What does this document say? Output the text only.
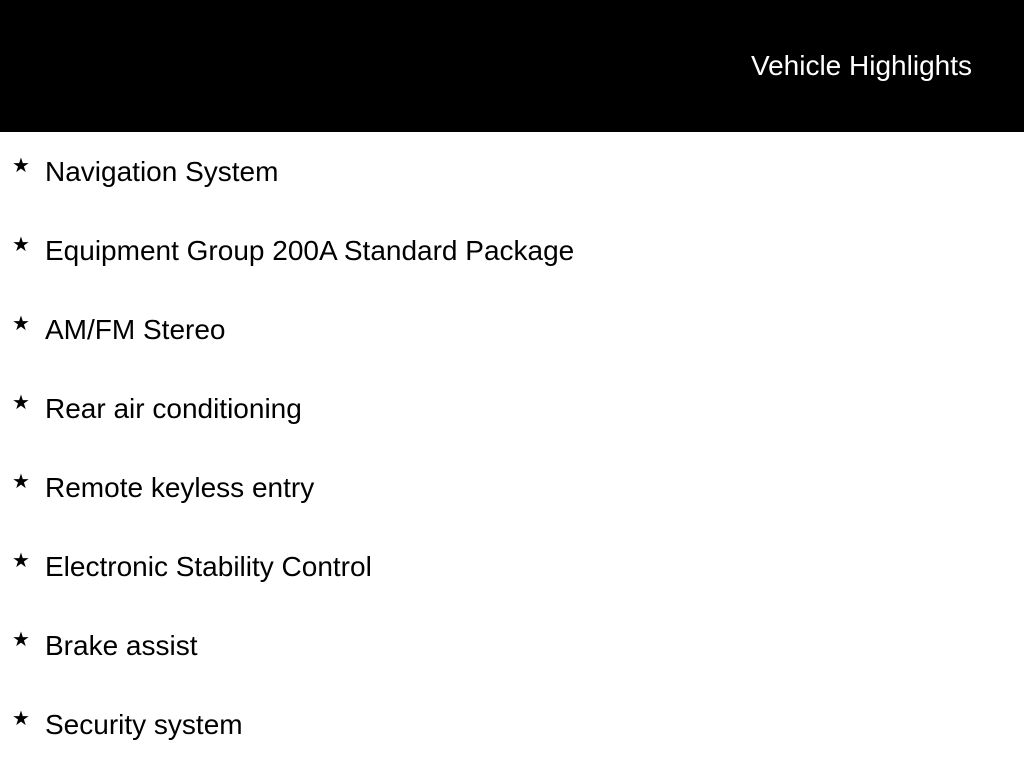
Vehicle Highlights
★ Navigation System
★ Equipment Group 200A Standard Package
★ AM/FM Stereo
★ Rear air conditioning
★ Remote keyless entry
★ Electronic Stability Control
★ Brake assist
★ Security system
